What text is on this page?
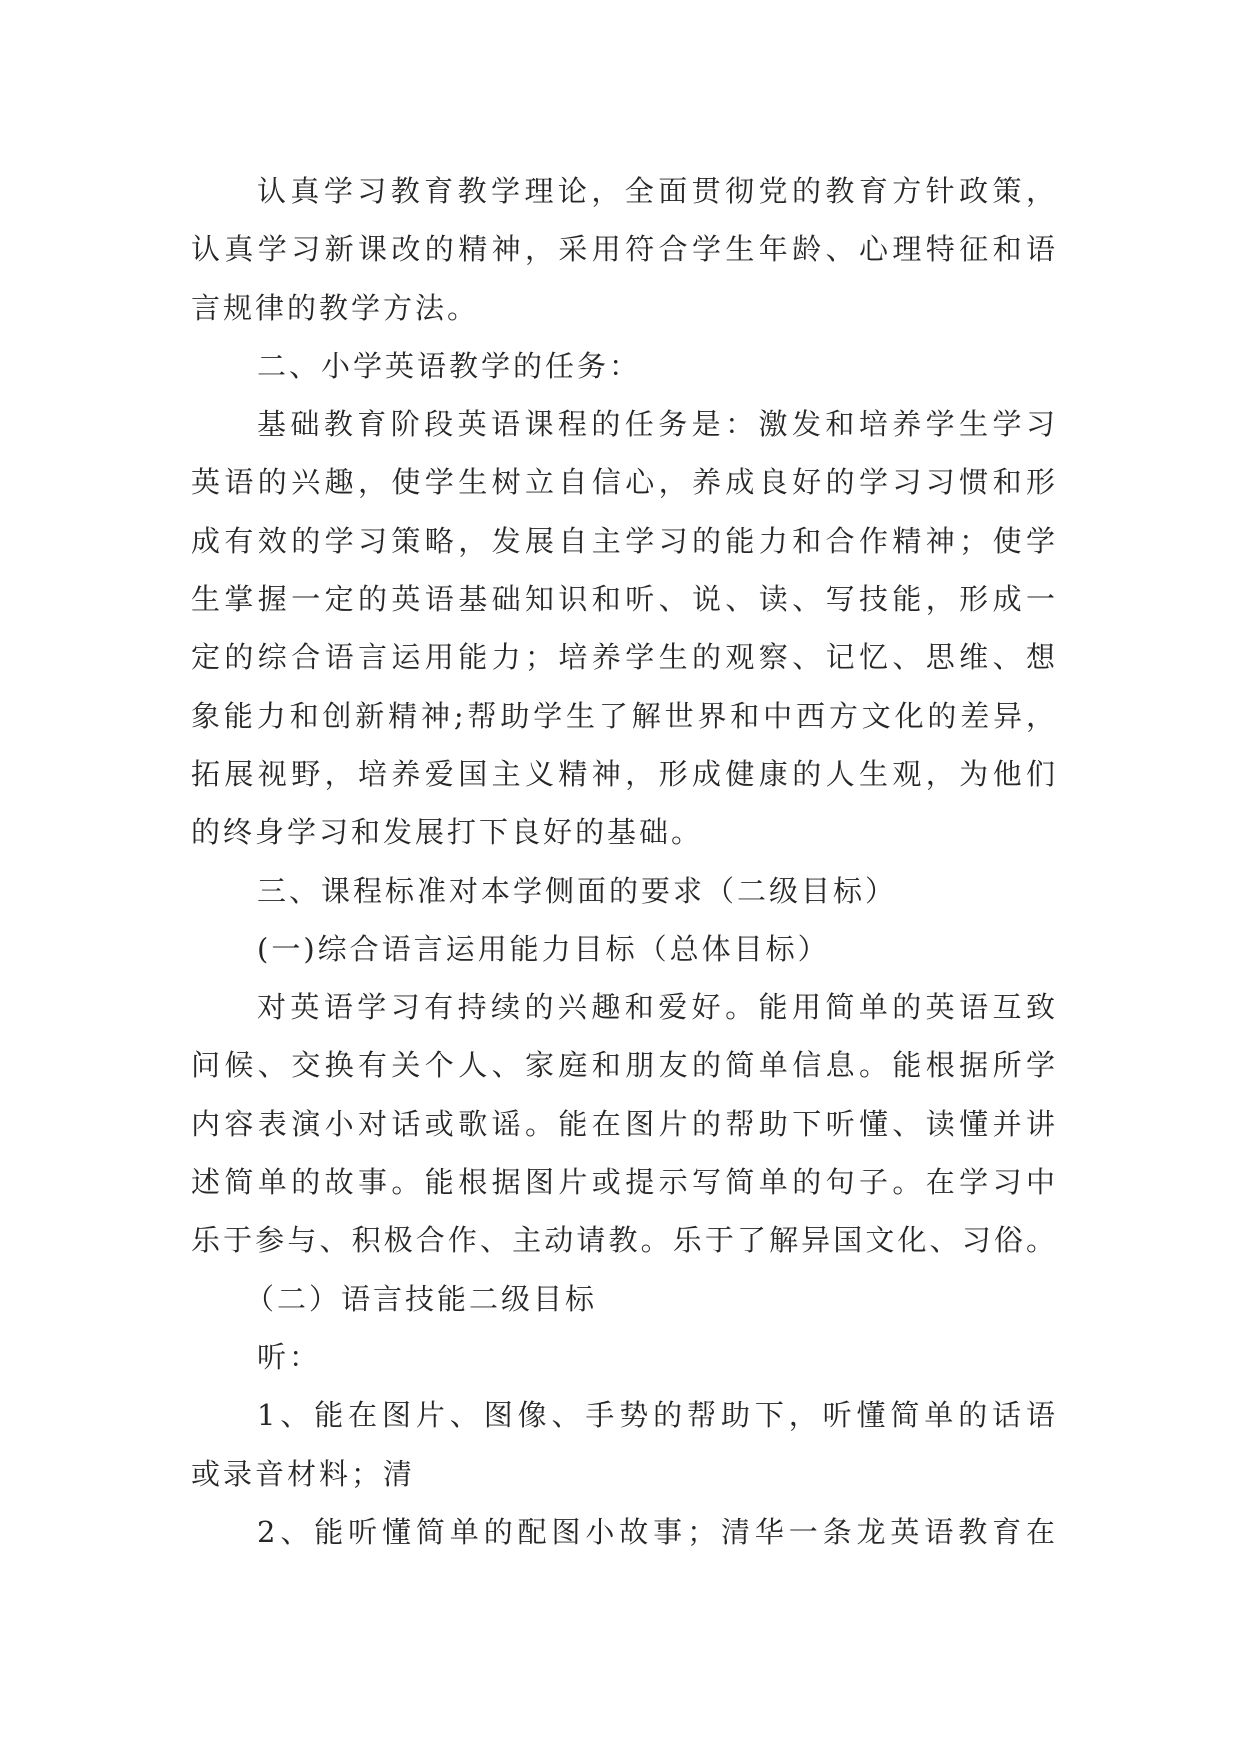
认真学习教育教学理论，全面贯彻党的教育方针政策，
认真学习新课改的精神，采用符合学生年龄、心理特征和语
言规律的教学方法。
二、小学英语教学的任务：
基础教育阶段英语课程的任务是：激发和培养学生学习
英语的兴趣，使学生树立自信心，养成良好的学习习惯和形
成有效的学习策略，发展自主学习的能力和合作精神；使学
生掌握一定的英语基础知识和听、说、读、写技能，形成一
定的综合语言运用能力；培养学生的观察、记忆、思维、想
象能力和创新精神;帮助学生了解世界和中西方文化的差异，
拓展视野，培养爱国主义精神，形成健康的人生观，为他们
的终身学习和发展打下良好的基础。
三、课程标准对本学侧面的要求（二级目标）
(一)综合语言运用能力目标（总体目标）
对英语学习有持续的兴趣和爱好。能用简单的英语互致
问候、交换有关个人、家庭和朋友的简单信息。能根据所学
内容表演小对话或歌谣。能在图片的帮助下听懂、读懂并讲
述简单的故事。能根据图片或提示写简单的句子。在学习中
乐于参与、积极合作、主动请教。乐于了解异国文化、习俗。
（二）语言技能二级目标
听：
1、能在图片、图像、手势的帮助下，听懂简单的话语
或录音材料；清
2、能听懂简单的配图小故事；清华一条龙英语教育在
